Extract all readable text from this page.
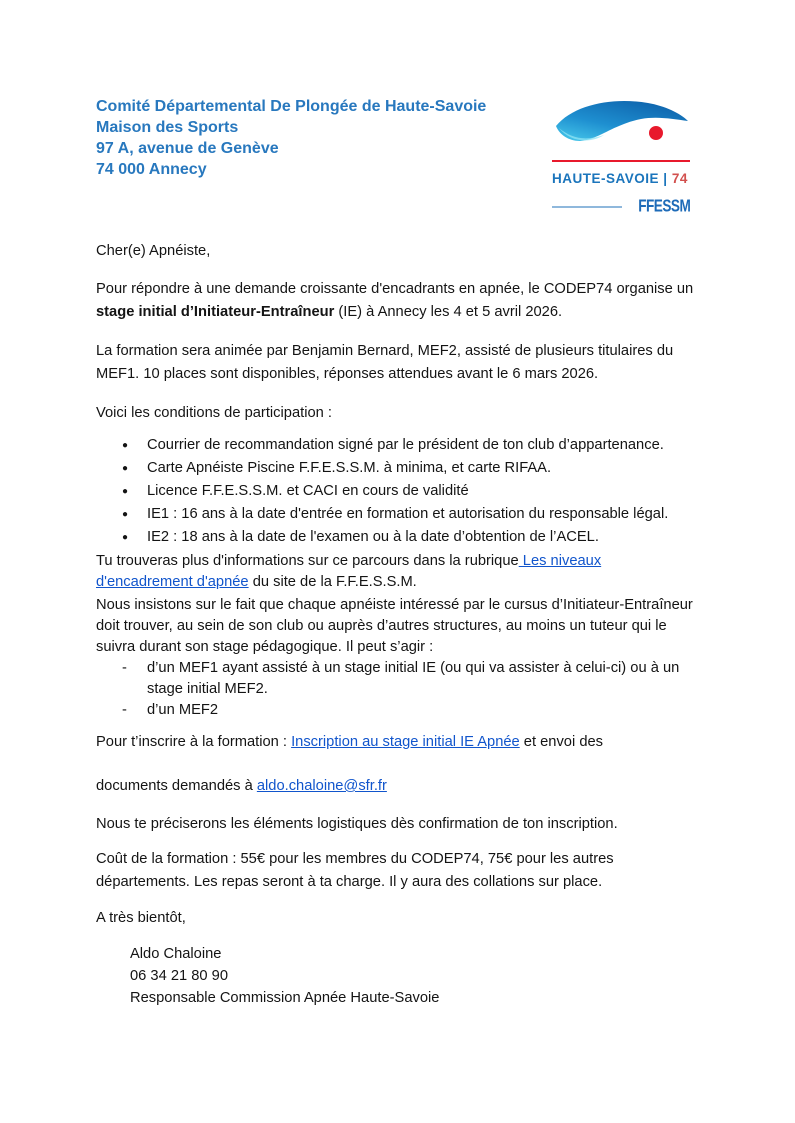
Comité Départemental De Plongée de Haute-Savoie
Maison des Sports
97 A, avenue de Genève
74 000 Annecy
HAUTE-SAVOIE | 74
FFESSM

Cher(e) Apnéiste,

Pour répondre à une demande croissante d'encadrants en apnée, le CODEP74 organise un stage initial d’Initiateur-Entraîneur (IE) à Annecy les 4 et 5 avril 2026.

La formation sera animée par Benjamin Bernard, MEF2, assisté de plusieurs titulaires du MEF1. 10 places sont disponibles, réponses attendues avant le 6 mars 2026.

Voici les conditions de participation :

●	Courrier de recommandation signé par le président de ton club d’appartenance.
●	Carte Apnéiste Piscine F.F.E.S.S.M. à minima, et carte RIFAA.
●	Licence F.F.E.S.S.M. et CACI en cours de validité
●	IE1 : 16 ans à la date d'entrée en formation et autorisation du responsable légal.
●	IE2 : 18 ans à la date de l'examen ou à la date d’obtention de l’ACEL.

Tu trouveras plus d'informations sur ce parcours dans la rubrique Les niveaux
d'encadrement d'apnée du site de la F.F.E.S.S.M.

Nous insistons sur le fait que chaque apnéiste intéressé par le cursus d’Initiateur-Entraîneur doit trouver, au sein de son club ou auprès d’autres structures, au moins un tuteur qui le suivra durant son stage pédagogique. Il peut s’agir :

-	d’un MEF1 ayant assisté à un stage initial IE (ou qui va assister à celui-ci) ou à un stage initial MEF2.
-	d’un MEF2

Pour t’inscrire à la formation : Inscription au stage initial IE Apnée et envoi des

documents demandés à aldo.chaloine@sfr.fr

Nous te préciserons les éléments logistiques dès confirmation de ton inscription.

Coût de la formation : 55€ pour les membres du CODEP74, 75€ pour les autres départements. Les repas seront à ta charge. Il y aura des collations sur place.

A très bientôt,

Aldo Chaloine
06 34 21 80 90
Responsable Commission Apnée Haute-Savoie
